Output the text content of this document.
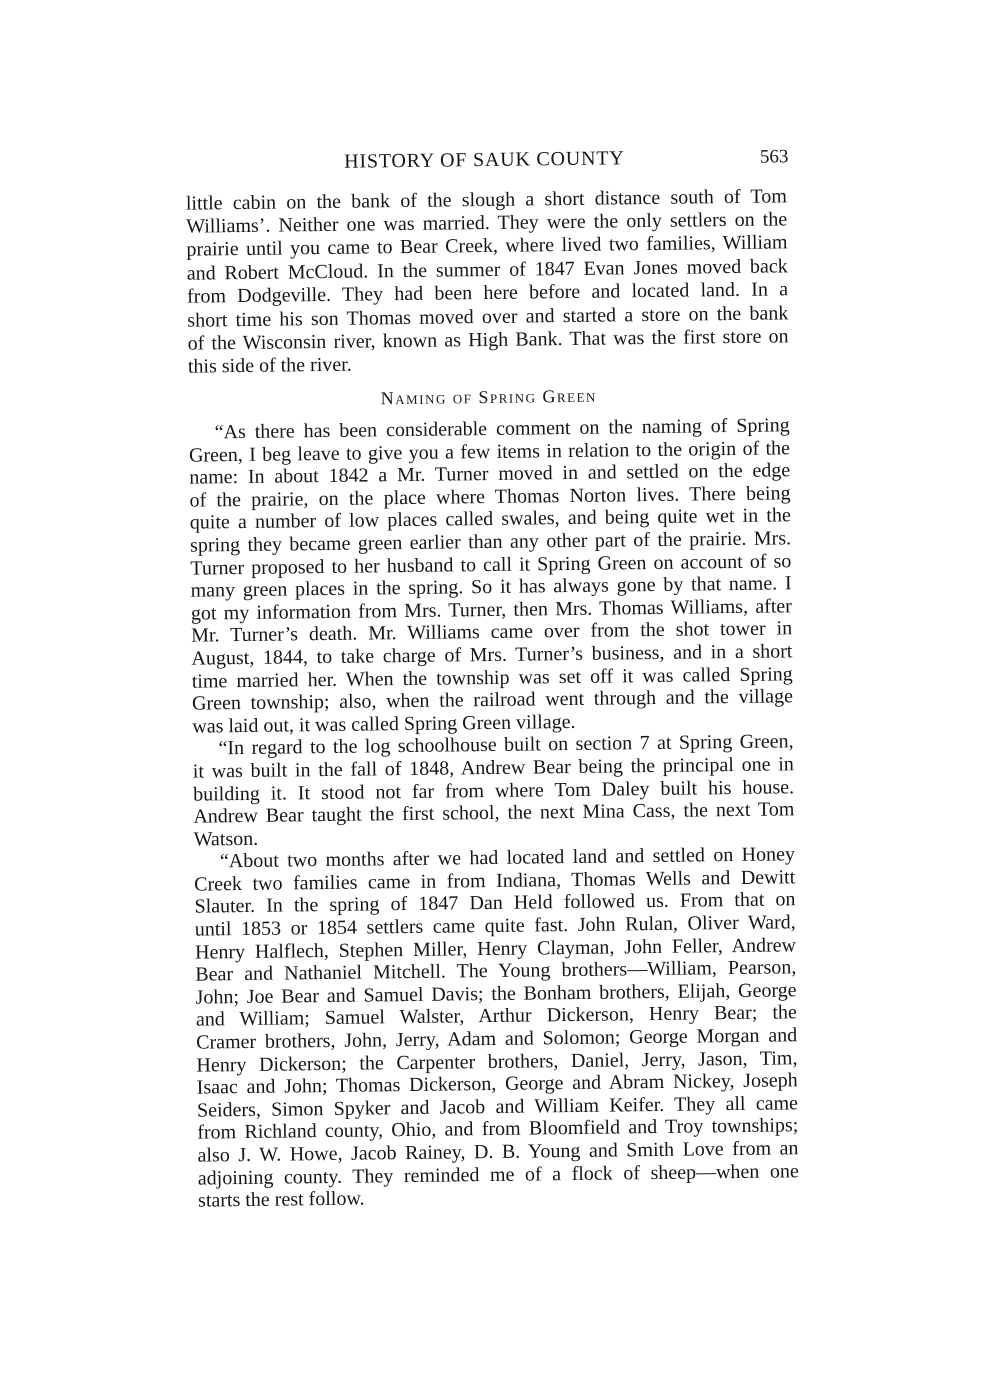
HISTORY OF SAUK COUNTY	563
little cabin on the bank of the slough a short distance south of Tom
Williams’. Neither one was married. They were the only settlers on the
prairie until you came to Bear Creek, where lived two families, William
and Robert McCloud. In the summer of 1847 Evan Jones moved back
from Dodgeville. They had been here before and located land. In a
short time his son Thomas moved over and started a store on the bank
of the Wisconsin river, known as High Bank. That was the first store on
this side of the river.
Naming of Spring Green
“As there has been considerable comment on the naming of Spring
Green, I beg leave to give you a few items in relation to the origin of the
name: In about 1842 a Mr. Turner moved in and settled on the edge
of the prairie, on the place where Thomas Norton lives. There being
quite a number of low places called swales, and being quite wet in the
spring they became green earlier than any other part of the prairie. Mrs.
Turner proposed to her husband to call it Spring Green on account of so
many green places in the spring. So it has always gone by that name. I
got my information from Mrs. Turner, then Mrs. Thomas Williams, after
Mr. Turner’s death. Mr. Williams came over from the shot tower in
August, 1844, to take charge of Mrs. Turner’s business, and in a short
time married her. When the township was set off it was called Spring
Green township; also, when the railroad went through and the village
was laid out, it was called Spring Green village.
“In regard to the log schoolhouse built on section 7 at Spring Green,
it was built in the fall of 1848, Andrew Bear being the principal one in
building it. It stood not far from where Tom Daley built his house.
Andrew Bear taught the first school, the next Mina Cass, the next Tom
Watson.
“About two months after we had located land and settled on Honey
Creek two families came in from Indiana, Thomas Wells and Dewitt
Slauter. In the spring of 1847 Dan Held followed us. From that on
until 1853 or 1854 settlers came quite fast. John Rulan, Oliver Ward,
Henry Halflech, Stephen Miller, Henry Clayman, John Feller, Andrew
Bear and Nathaniel Mitchell. The Young brothers—William, Pearson,
John; Joe Bear and Samuel Davis; the Bonham brothers, Elijah, George
and William; Samuel Walster, Arthur Dickerson, Henry Bear; the
Cramer brothers, John, Jerry, Adam and Solomon; George Morgan and
Henry Dickerson; the Carpenter brothers, Daniel, Jerry, Jason, Tim,
Isaac and John; Thomas Dickerson, George and Abram Nickey, Joseph
Seiders, Simon Spyker and Jacob and William Keifer. They all came
from Richland county, Ohio, and from Bloomfield and Troy townships;
also J. W. Howe, Jacob Rainey, D. B. Young and Smith Love from an
adjoining county. They reminded me of a flock of sheep—when one
starts the rest follow.
